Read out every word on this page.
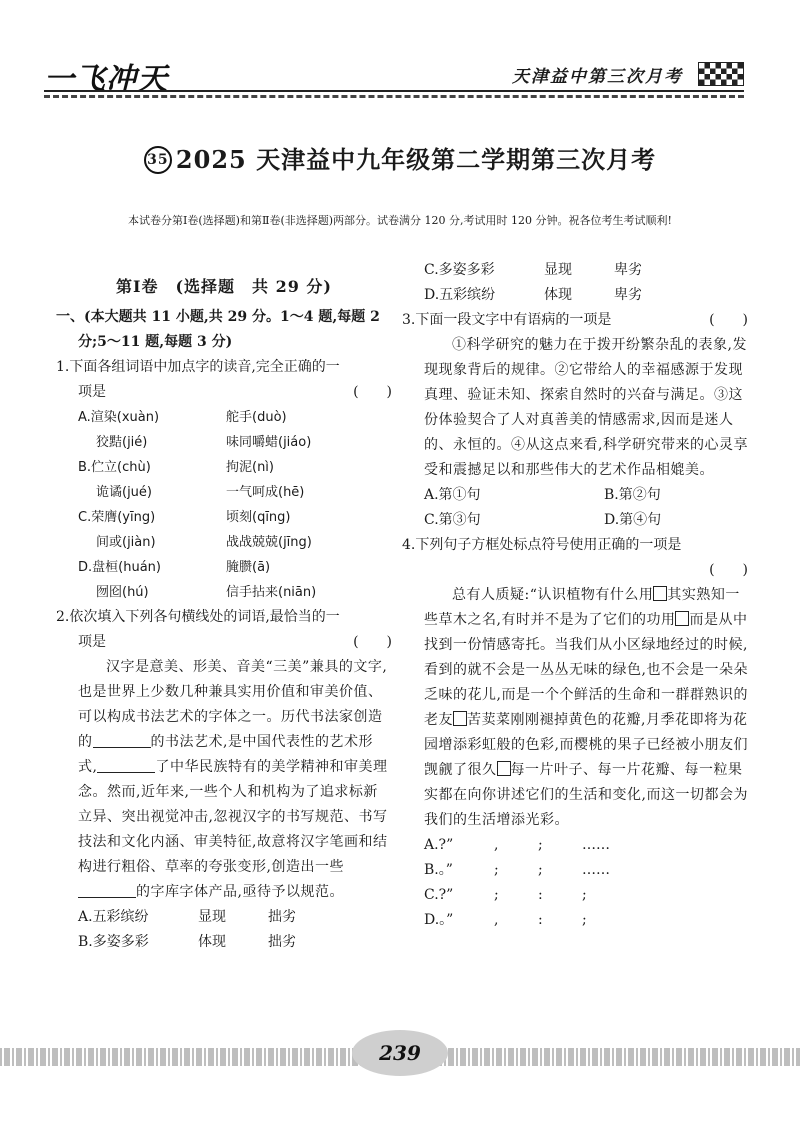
一飞冲天	天津益中第三次月考
35 2025 天津益中九年级第二学期第三次月考
本试卷分第Ⅰ卷(选择题)和第Ⅱ卷(非选择题)两部分。试卷满分 120 分,考试用时 120 分钟。祝各位考生考试顺利!
第Ⅰ卷　(选择题　共 29 分)
一、(本大题共 11 小题,共 29 分。1～4 题,每题 2
分;5～11 题,每题 3 分)
1.下面各组词语中加点字的读音,完全正确的一
项是	(　　)
A.渲染(xuàn)	舵手(duò)
狡黠(jié)	味同嚼蜡(jiáo)
B.伫立(chù)	拘泥(nì)
诡谲(jué)	一气呵成(hē)
C.荣膺(yīng)	顷刻(qīng)
间或(jiàn)	战战兢兢(jīng)
D.盘桓(huán)	腌臜(ā)
囫囵(hú)	信手拈来(niān)
2.依次填入下列各句横线处的词语,最恰当的一
项是	(　　)
汉字是意美、形美、音美“三美”兼具的文字,也是世界上少数几种兼具实用价值和审美价值、可以构成书法艺术的字体之一。历代书法家创造的	的书法艺术,是中国代表性的艺术形式,	了中华民族特有的美学精神和审美理念。然而,近年来,一些个人和机构为了追求标新立异、突出视觉冲击,忽视汉字的书写规范、书写技法和文化内涵、审美特征,故意将汉字笔画和结构进行粗俗、草率的夸张变形,创造出一些的字库字体产品,亟待予以规范。
A.五彩缤纷	显现	拙劣
B.多姿多彩	体现	拙劣
C.多姿多彩	显现	卑劣
D.五彩缤纷	体现	卑劣
3.下面一段文字中有语病的一项是	(　　)
①科学研究的魅力在于拨开纷繁杂乱的表象,发现现象背后的规律。②它带给人的幸福感源于发现真理、验证未知、探索自然时的兴奋与满足。③这份体验契合了人对真善美的情感需求,因而是迷人的、永恒的。④从这点来看,科学研究带来的心灵享受和震撼足以和那些伟大的艺术作品相媲美。
A.第①句	B.第②句
C.第③句	D.第④句
4.下列句子方框处标点符号使用正确的一项是
(　　)
总有人质疑:“认识植物有什么用 其实熟知一些草木之名,有时并不是为了它们的功用 而是从中找到一份情感寄托。当我们从小区绿地经过的时候,看到的就不会是一丛丛无味的绿色,也不会是一朵朵乏味的花儿,而是一个个鲜活的生命和一群群熟识的老友 苦荬菜刚刚褪掉黄色的花瓣,月季花即将为花园增添彩虹般的色彩,而樱桃的果子已经被小朋友们觊觎了很久 每一片叶子、每一片花瓣、每一粒果实都在向你讲述它们的生活和变化,而这一切都会为我们的生活增添光彩。
A.?”	,	;	……
B.。”	;	;	……
C.?”	;	:	;
D.。”	,	:	;
239
